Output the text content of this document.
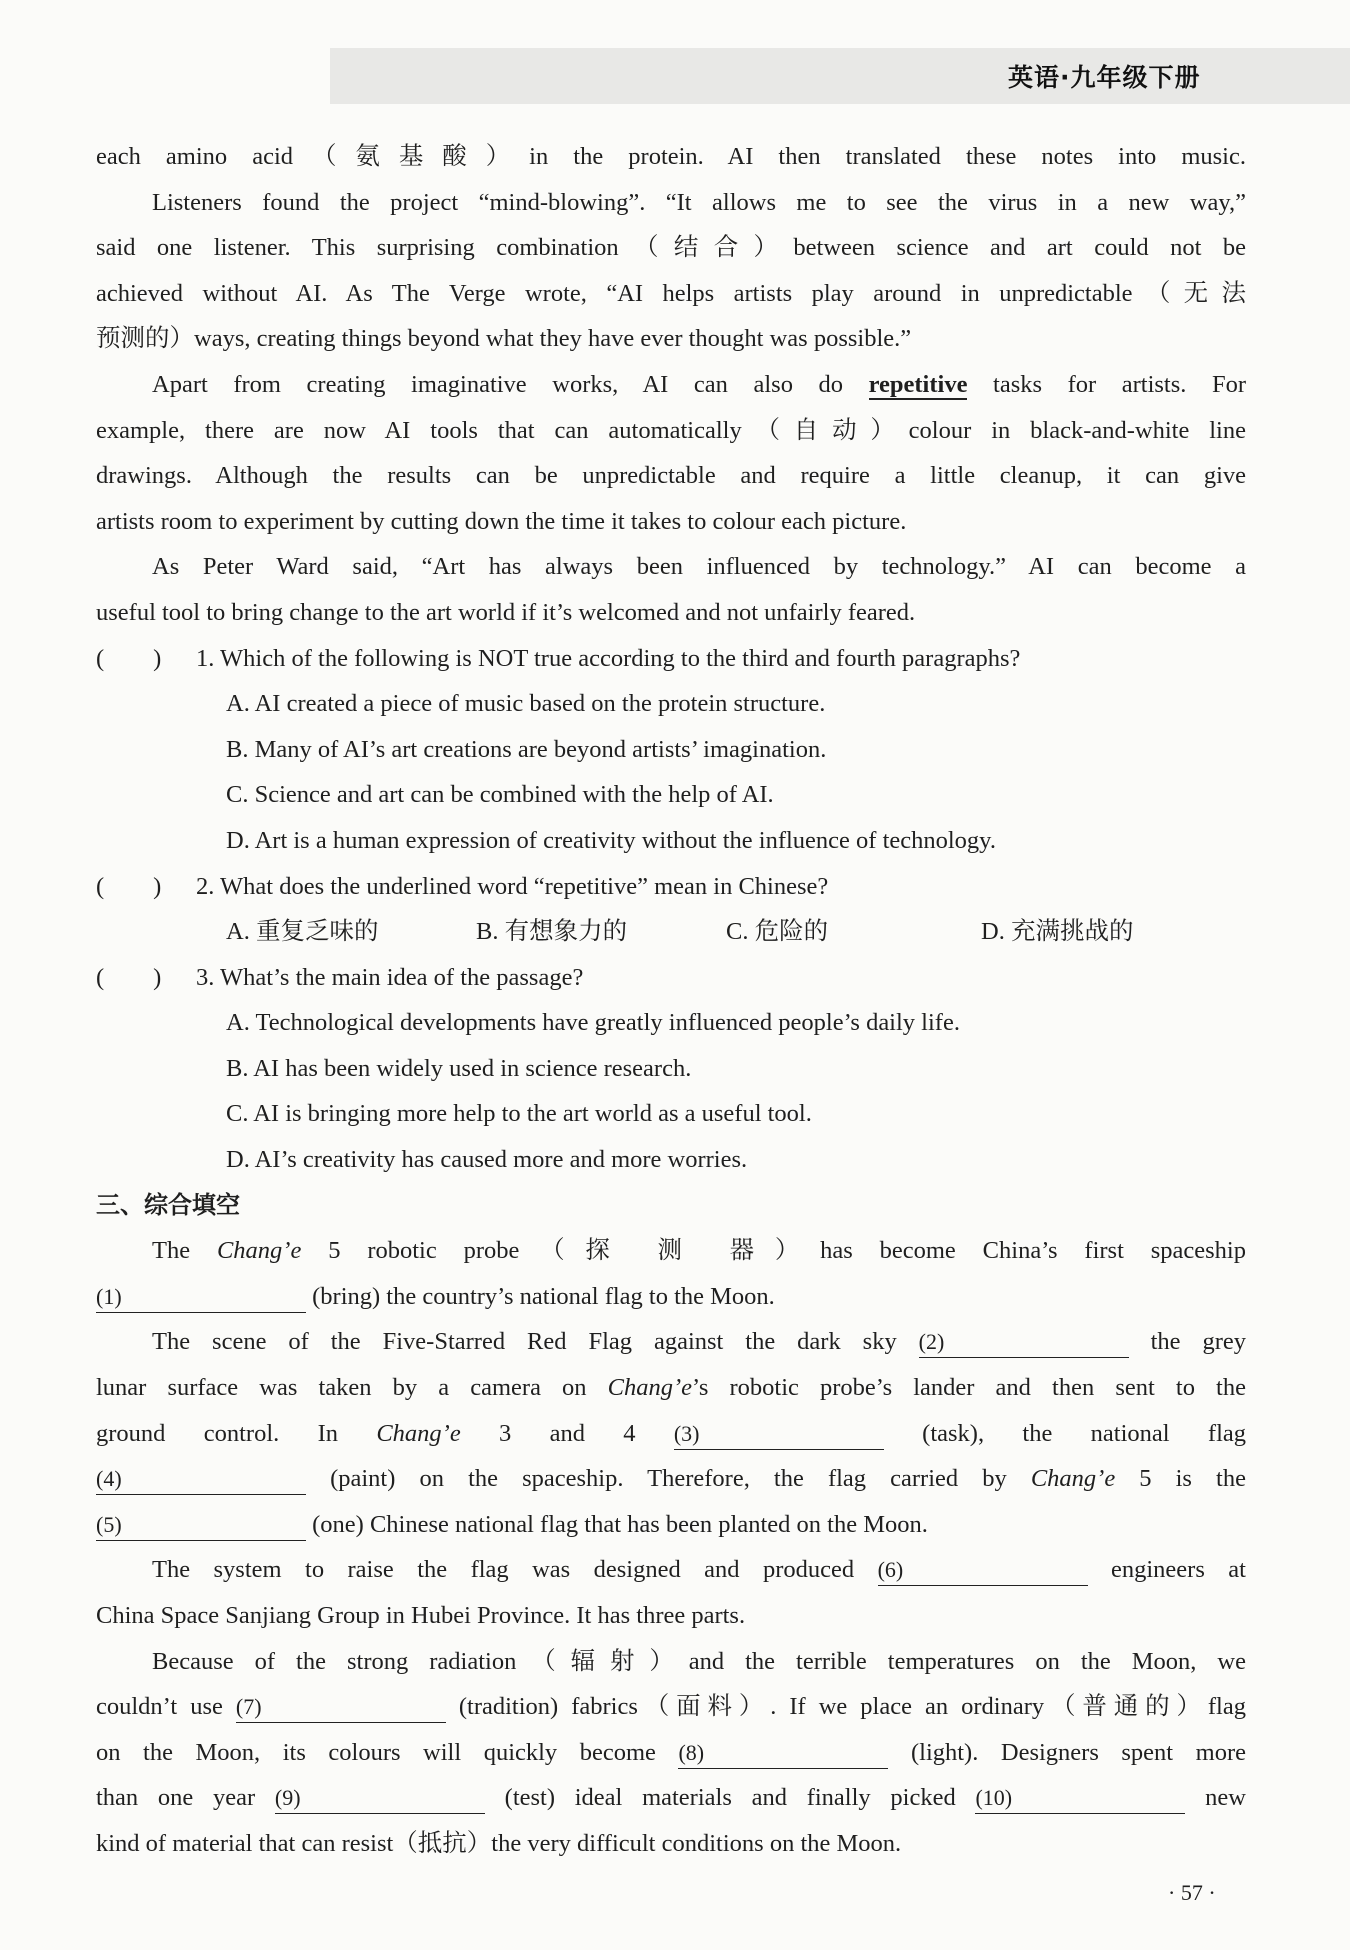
英语·九年级下册
each amino acid（氨基酸）in the protein. AI then translated these notes into music.
Listeners found the project “mind-blowing”. “It allows me to see the virus in a new way,”
said one listener. This surprising combination（结合）between science and art could not be
achieved without AI. As The Verge wrote, “AI helps artists play around in unpredictable（无法
预测的）ways, creating things beyond what they have ever thought was possible.”
Apart from creating imaginative works, AI can also do repetitive tasks for artists. For
example, there are now AI tools that can automatically（自动）colour in black-and-white line
drawings. Although the results can be unpredictable and require a little cleanup, it can give
artists room to experiment by cutting down the time it takes to colour each picture.
As Peter Ward said, “Art has always been influenced by technology.” AI can become a
useful tool to bring change to the art world if it’s welcomed and not unfairly feared.
(　　) 1. Which of the following is NOT true according to the third and fourth paragraphs?
A. AI created a piece of music based on the protein structure.
B. Many of AI’s art creations are beyond artists’ imagination.
C. Science and art can be combined with the help of AI.
D. Art is a human expression of creativity without the influence of technology.
(　　) 2. What does the underlined word “repetitive” mean in Chinese?
A. 重复乏味的	B. 有想象力的	C. 危险的	D. 充满挑战的
(　　) 3. What’s the main idea of the passage?
A. Technological developments have greatly influenced people’s daily life.
B. AI has been widely used in science research.
C. AI is bringing more help to the art world as a useful tool.
D. AI’s creativity has caused more and more worries.
三、综合填空
The Chang’e 5 robotic probe（探 测 器）has become China’s first spaceship
(1)	(bring) the country’s national flag to the Moon.
The scene of the Five-Starred Red Flag against the dark sky (2)	the grey
lunar surface was taken by a camera on Chang’e’s robotic probe’s lander and then sent to the
ground control. In Chang’e 3 and 4 (3)	(task), the national flag
(4)	(paint) on the spaceship. Therefore, the flag carried by Chang’e 5 is the
(5)	(one) Chinese national flag that has been planted on the Moon.
The system to raise the flag was designed and produced (6)	engineers at
China Space Sanjiang Group in Hubei Province. It has three parts.
Because of the strong radiation（辐射）and the terrible temperatures on the Moon, we
couldn’t use (7)	(tradition) fabrics（面料）. If we place an ordinary（普通的）flag
on the Moon, its colours will quickly become (8)	(light). Designers spent more
than one year (9)	(test) ideal materials and finally picked (10)	new
kind of material that can resist（抵抗）the very difficult conditions on the Moon.
· 57 ·
